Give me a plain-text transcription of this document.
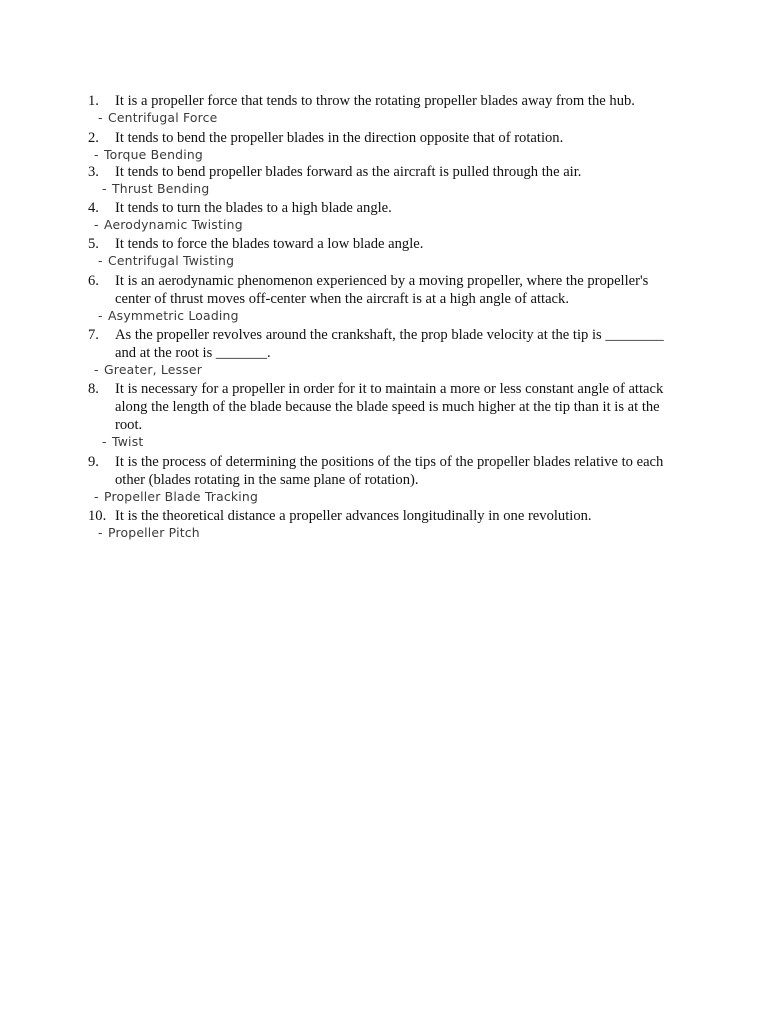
1.	It is a propeller force that tends to throw the rotating propeller blades away from the hub.
- Centrifugal Force
2.	It tends to bend the propeller blades in the direction opposite that of rotation.
- Torque Bending
3.	It tends to bend propeller blades forward as the aircraft is pulled through the air.
- Thrust Bending
4.	It tends to turn the blades to a high blade angle.
- Aerodynamic Twisting
5.	It tends to force the blades toward a low blade angle.
- Centrifugal Twisting
6.	It is an aerodynamic phenomenon experienced by a moving propeller, where the propeller's center of thrust moves off-center when the aircraft is at a high angle of attack.
- Asymmetric Loading
7.	As the propeller revolves around the crankshaft, the prop blade velocity at the tip is ________ and at the root is _______.
- Greater, Lesser
8.	It is necessary for a propeller in order for it to maintain a more or less constant angle of attack along the length of the blade because the blade speed is much higher at the tip than it is at the root.
- Twist
9.	It is the process of determining the positions of the tips of the propeller blades relative to each other (blades rotating in the same plane of rotation).
- Propeller Blade Tracking
10. It is the theoretical distance a propeller advances longitudinally in one revolution.
- Propeller Pitch
